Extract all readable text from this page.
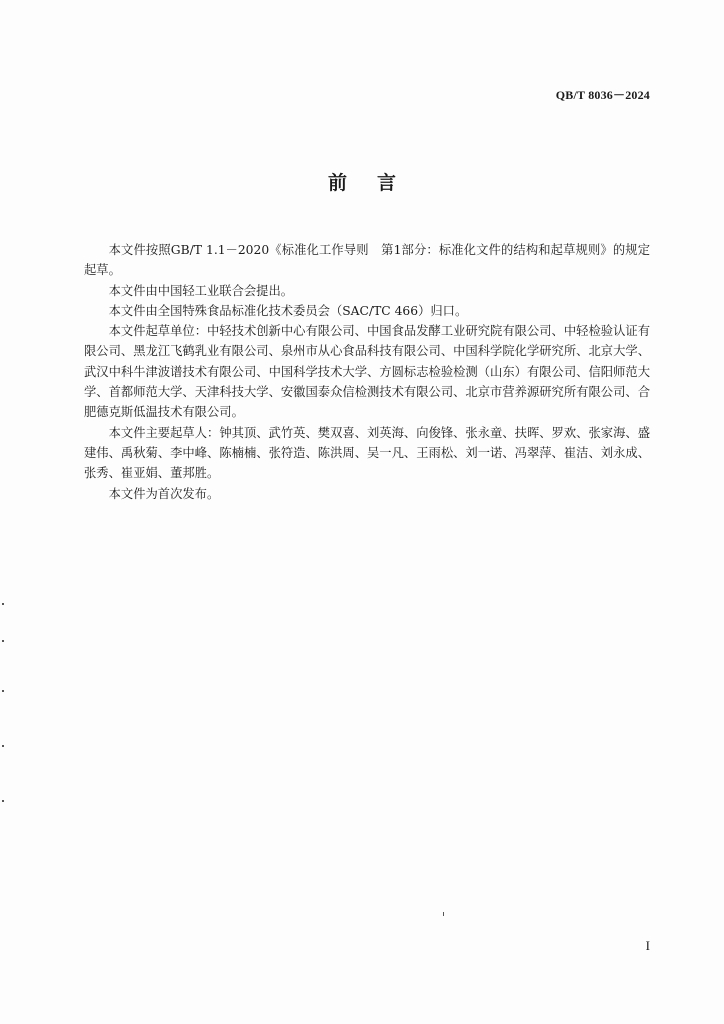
QB/T 8036－2024
前言

本文件按照GB/T 1.1－2020《标准化工作导则　第1部分：标准化文件的结构和起草规则》的规定起草。

本文件由中国轻工业联合会提出。

本文件由全国特殊食品标准化技术委员会（SAC/TC 466）归口。

本文件起草单位：中轻技术创新中心有限公司、中国食品发酵工业研究院有限公司、中轻检验认证有限公司、黑龙江飞鹤乳业有限公司、泉州市从心食品科技有限公司、中国科学院化学研究所、北京大学、武汉中科牛津波谱技术有限公司、中国科学技术大学、方圆标志检验检测（山东）有限公司、信阳师范大学、首都师范大学、天津科技大学、安徽国泰众信检测技术有限公司、北京市营养源研究所有限公司、合肥德克斯低温技术有限公司。

本文件主要起草人：钟其顶、武竹英、樊双喜、刘英海、向俊锋、张永童、扶晖、罗欢、张家海、盛建伟、禹秋菊、李中峰、陈楠楠、张符造、陈洪周、吴一凡、王雨松、刘一诺、冯翠萍、崔洁、刘永成、张秀、崔亚娟、董邦胜。

本文件为首次发布。

I
